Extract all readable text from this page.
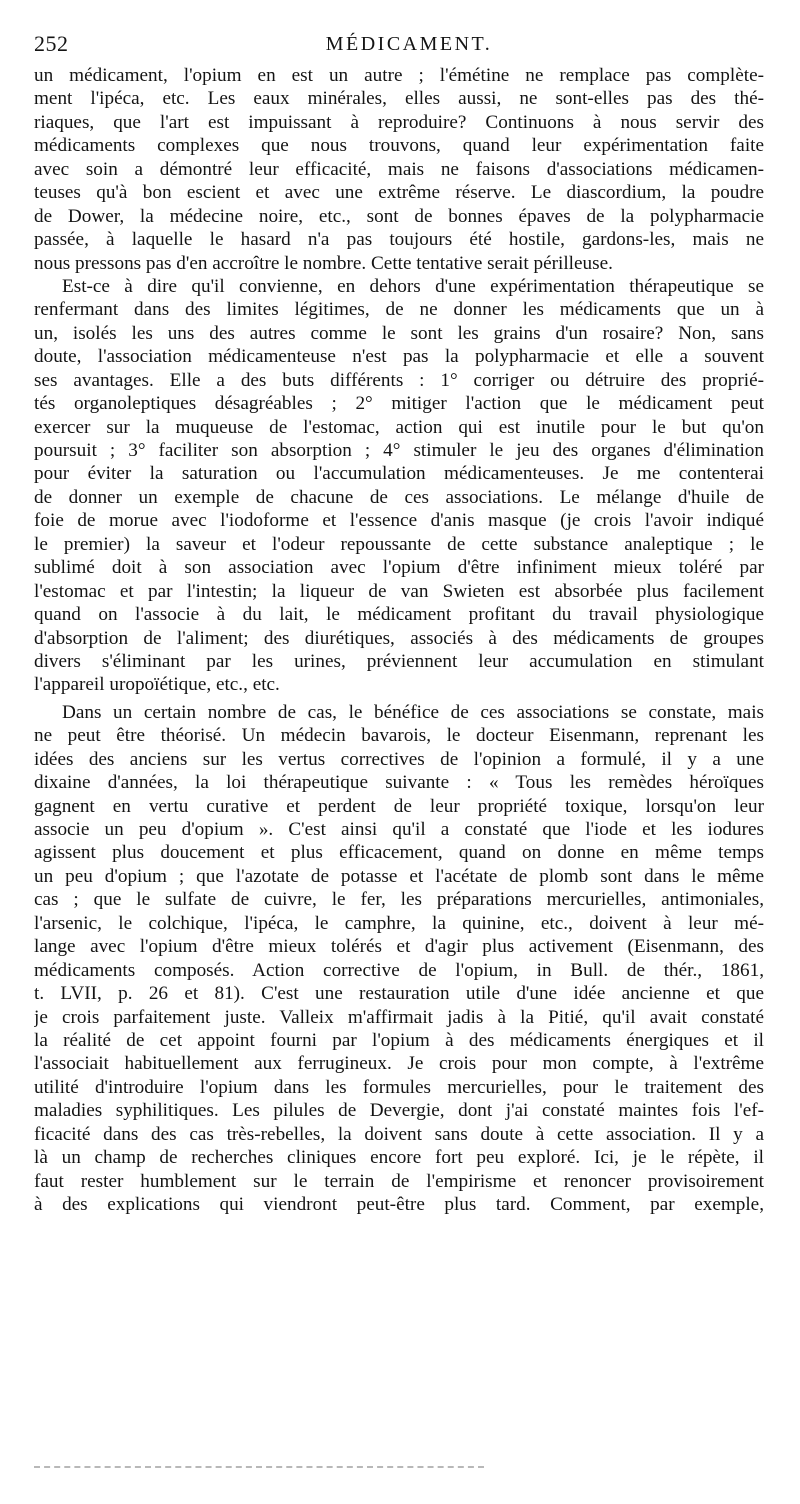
252	MÉDICAMENT.
un médicament, l'opium en est un autre ; l'émétine ne remplace pas complète-
ment l'ipéca, etc. Les eaux minérales, elles aussi, ne sont-elles pas des thé-
riaques, que l'art est impuissant à reproduire? Continuons à nous servir des
médicaments complexes que nous trouvons, quand leur expérimentation faite
avec soin a démontré leur efficacité, mais ne faisons d'associations médicamen-
teuses qu'à bon escient et avec une extrême réserve. Le diascordium, la poudre
de Dower, la médecine noire, etc., sont de bonnes épaves de la polypharmacie
passée, à laquelle le hasard n'a pas toujours été hostile, gardons-les, mais ne
nous pressons pas d'en accroître le nombre. Cette tentative serait périlleuse.
Est-ce à dire qu'il convienne, en dehors d'une expérimentation thérapeutique se
renfermant dans des limites légitimes, de ne donner les médicaments que un à
un, isolés les uns des autres comme le sont les grains d'un rosaire? Non, sans
doute, l'association médicamenteuse n'est pas la polypharmacie et elle a souvent
ses avantages. Elle a des buts différents : 1° corriger ou détruire des proprié-
tés organoleptiques désagréables ; 2° mitiger l'action que le médicament peut
exercer sur la muqueuse de l'estomac, action qui est inutile pour le but qu'on
poursuit ; 3° faciliter son absorption ; 4° stimuler le jeu des organes d'élimination
pour éviter la saturation ou l'accumulation médicamenteuses. Je me contenterai
de donner un exemple de chacune de ces associations. Le mélange d'huile de
foie de morue avec l'iodoforme et l'essence d'anis masque (je crois l'avoir indiqué
le premier) la saveur et l'odeur repoussante de cette substance analeptique ; le
sublimé doit à son association avec l'opium d'être infiniment mieux toléré par
l'estomac et par l'intestin; la liqueur de van Swieten est absorbée plus facilement
quand on l'associe à du lait, le médicament profitant du travail physiologique
d'absorption de l'aliment; des diurétiques, associés à des médicaments de groupes
divers s'éliminant par les urines, préviennent leur accumulation en stimulant
l'appareil uropoïétique, etc., etc.
Dans un certain nombre de cas, le bénéfice de ces associations se constate, mais
ne peut être théorisé. Un médecin bavarois, le docteur Eisenmann, reprenant les
idées des anciens sur les vertus correctives de l'opinion a formulé, il y a une
dixaine d'années, la loi thérapeutique suivante : « Tous les remèdes héroïques
gagnent en vertu curative et perdent de leur propriété toxique, lorsqu'on leur
associe un peu d'opium ». C'est ainsi qu'il a constaté que l'iode et les iodures
agissent plus doucement et plus efficacement, quand on donne en même temps
un peu d'opium ; que l'azotate de potasse et l'acétate de plomb sont dans le même
cas ; que le sulfate de cuivre, le fer, les préparations mercurielles, antimoniales,
l'arsenic, le colchique, l'ipéca, le camphre, la quinine, etc., doivent à leur mé-
lange avec l'opium d'être mieux tolérés et d'agir plus activement (Eisenmann, des
médicaments composés. Action corrective de l'opium, in Bull. de thér., 1861,
t. LVII, p. 26 et 81). C'est une restauration utile d'une idée ancienne et que
je crois parfaitement juste. Valleix m'affirmait jadis à la Pitié, qu'il avait constaté
la réalité de cet appoint fourni par l'opium à des médicaments énergiques et il
l'associait habituellement aux ferrugineux. Je crois pour mon compte, à l'extrême
utilité d'introduire l'opium dans les formules mercurielles, pour le traitement des
maladies syphilitiques. Les pilules de Devergie, dont j'ai constaté maintes fois l'ef-
ficacité dans des cas très-rebelles, la doivent sans doute à cette association. Il y a
là un champ de recherches cliniques encore fort peu exploré. Ici, je le répète, il
faut rester humblement sur le terrain de l'empirisme et renoncer provisoirement
à des explications qui viendront peut-être plus tard. Comment, par exemple,
